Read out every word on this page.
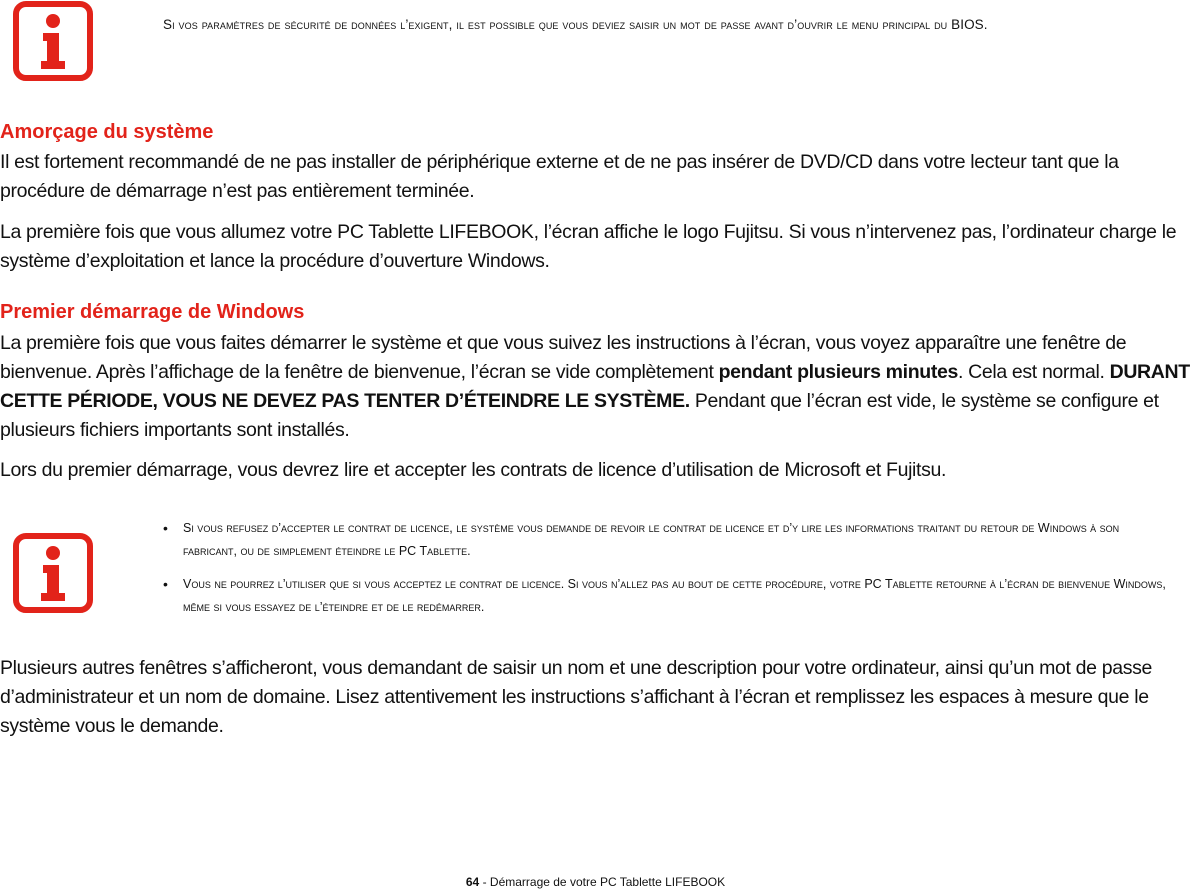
Si vos paramètres de sécurité de données l’exigent, il est possible que vous deviez saisir un mot de passe avant d’ouvrir le menu principal du BIOS.
Amorçage du système
Il est fortement recommandé de ne pas installer de périphérique externe et de ne pas insérer de DVD/CD dans votre lecteur tant que la procédure de démarrage n’est pas entièrement terminée.
La première fois que vous allumez votre PC Tablette LIFEBOOK, l’écran affiche le logo Fujitsu. Si vous n’intervenez pas, l’ordinateur charge le système d’exploitation et lance la procédure d’ouverture Windows.
Premier démarrage de Windows
La première fois que vous faites démarrer le système et que vous suivez les instructions à l’écran, vous voyez apparaître une fenêtre de bienvenue. Après l’affichage de la fenêtre de bienvenue, l’écran se vide complètement pendant plusieurs minutes. Cela est normal. DURANT CETTE PÉRIODE, VOUS NE DEVEZ PAS TENTER D’ÉTEINDRE LE SYSTÈME. Pendant que l’écran est vide, le système se configure et plusieurs fichiers importants sont installés.
Lors du premier démarrage, vous devrez lire et accepter les contrats de licence d’utilisation de Microsoft et Fujitsu.
• Si vous refusez d’accepter le contrat de licence, le système vous demande de revoir le contrat de licence et d’y lire les informations traitant du retour de Windows à son fabricant, ou de simplement éteindre le PC Tablette.
• Vous ne pourrez l’utiliser que si vous acceptez le contrat de licence. Si vous n’allez pas au bout de cette procédure, votre PC Tablette retourne à l’écran de bienvenue Windows, même si vous essayez de l’éteindre et de le redémarrer.
Plusieurs autres fenêtres s’afficheront, vous demandant de saisir un nom et une description pour votre ordinateur, ainsi qu’un mot de passe d’administrateur et un nom de domaine. Lisez attentivement les instructions s’affichant à l’écran et remplissez les espaces à mesure que le système vous le demande.
64 - Démarrage de votre PC Tablette LIFEBOOK
